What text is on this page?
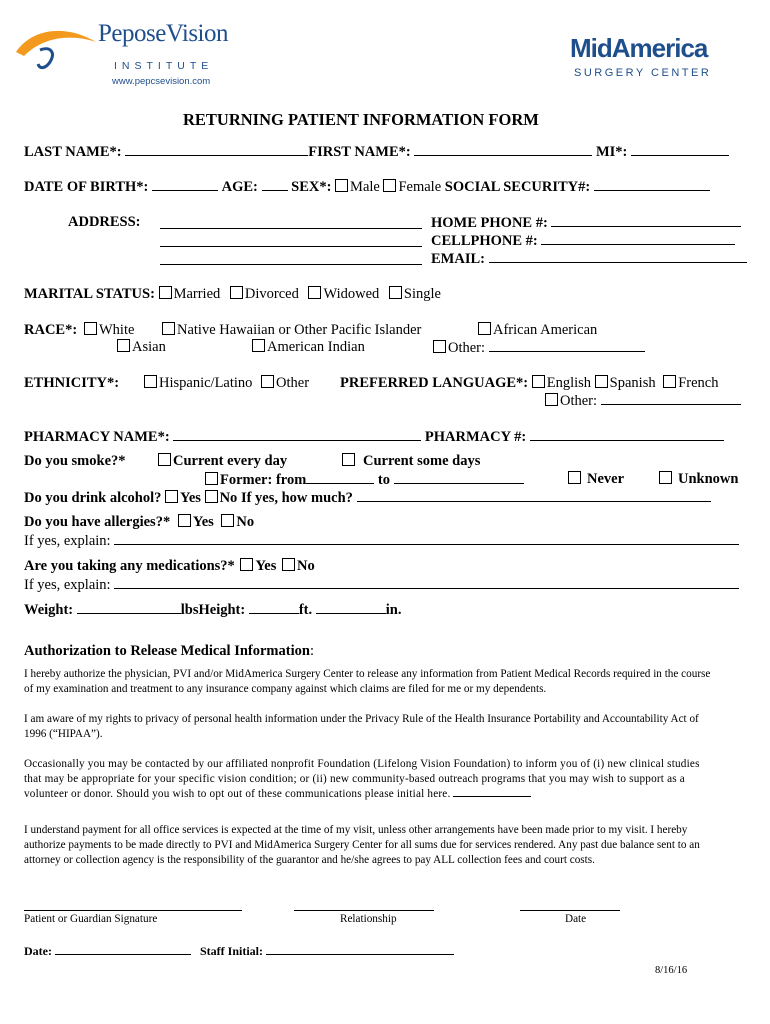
PeposeVision
INSTITUTE
www.pepcsevision.com
MidAmerica
SURGERY CENTER
RETURNING PATIENT INFORMATION FORM
LAST NAME*:	FIRST NAME*:	MI*:
DATE OF BIRTH*:	AGE: SEX*: Male Female SOCIAL SECURITY#:
ADDRESS:	HOME PHONE #:
CELLPHONE #:
EMAIL:
MARITAL STATUS: Married Divorced Widowed Single
RACE*:	White	Native Hawaiian or Other Pacific Islander	African American
Asian	American Indian	Other:
ETHNICITY*:	Hispanic/Latino Other PREFERRED LANGUAGE*: English Spanish French
Other:
PHARMACY NAME*:	PHARMACY #:
Do you smoke?*	Current every day	Current some days
Former: from	to	Never	Unknown
Do you drink alcohol? Yes No If yes, how much?
Do you have allergies?* Yes No
If yes, explain:
Are you taking any medications?* Yes No
If yes, explain:
Weight:	lbsHeight:	ft.	in.
Authorization to Release Medical Information:
I hereby authorize the physician, PVI and/or MidAmerica Surgery Center to release any information from Patient Medical Records required in the course of my examination and treatment to any insurance company against which claims are filed for me or my dependents.
I am aware of my rights to privacy of personal health information under the Privacy Rule of the Health Insurance Portability and Accountability Act of 1996 (“HIPAA”).
Occasionally you may be contacted by our affiliated nonprofit Foundation (Lifelong Vision Foundation) to inform you of (i) new clinical studies that may be appropriate for your specific vision condition; or (ii) new community-based outreach programs that you may wish to support as a volunteer or donor. Should you wish to opt out of these communications please initial here.
I understand payment for all office services is expected at the time of my visit, unless other arrangements have been made prior to my visit. I hereby authorize payments to be made directly to PVI and MidAmerica Surgery Center for all sums due for services rendered. Any past due balance sent to an attorney or collection agency is the responsibility of the guarantor and he/she agrees to pay ALL collection fees and court costs.
Patient or Guardian Signature	Relationship	Date
Date:	Staff Initial:
8/16/16
